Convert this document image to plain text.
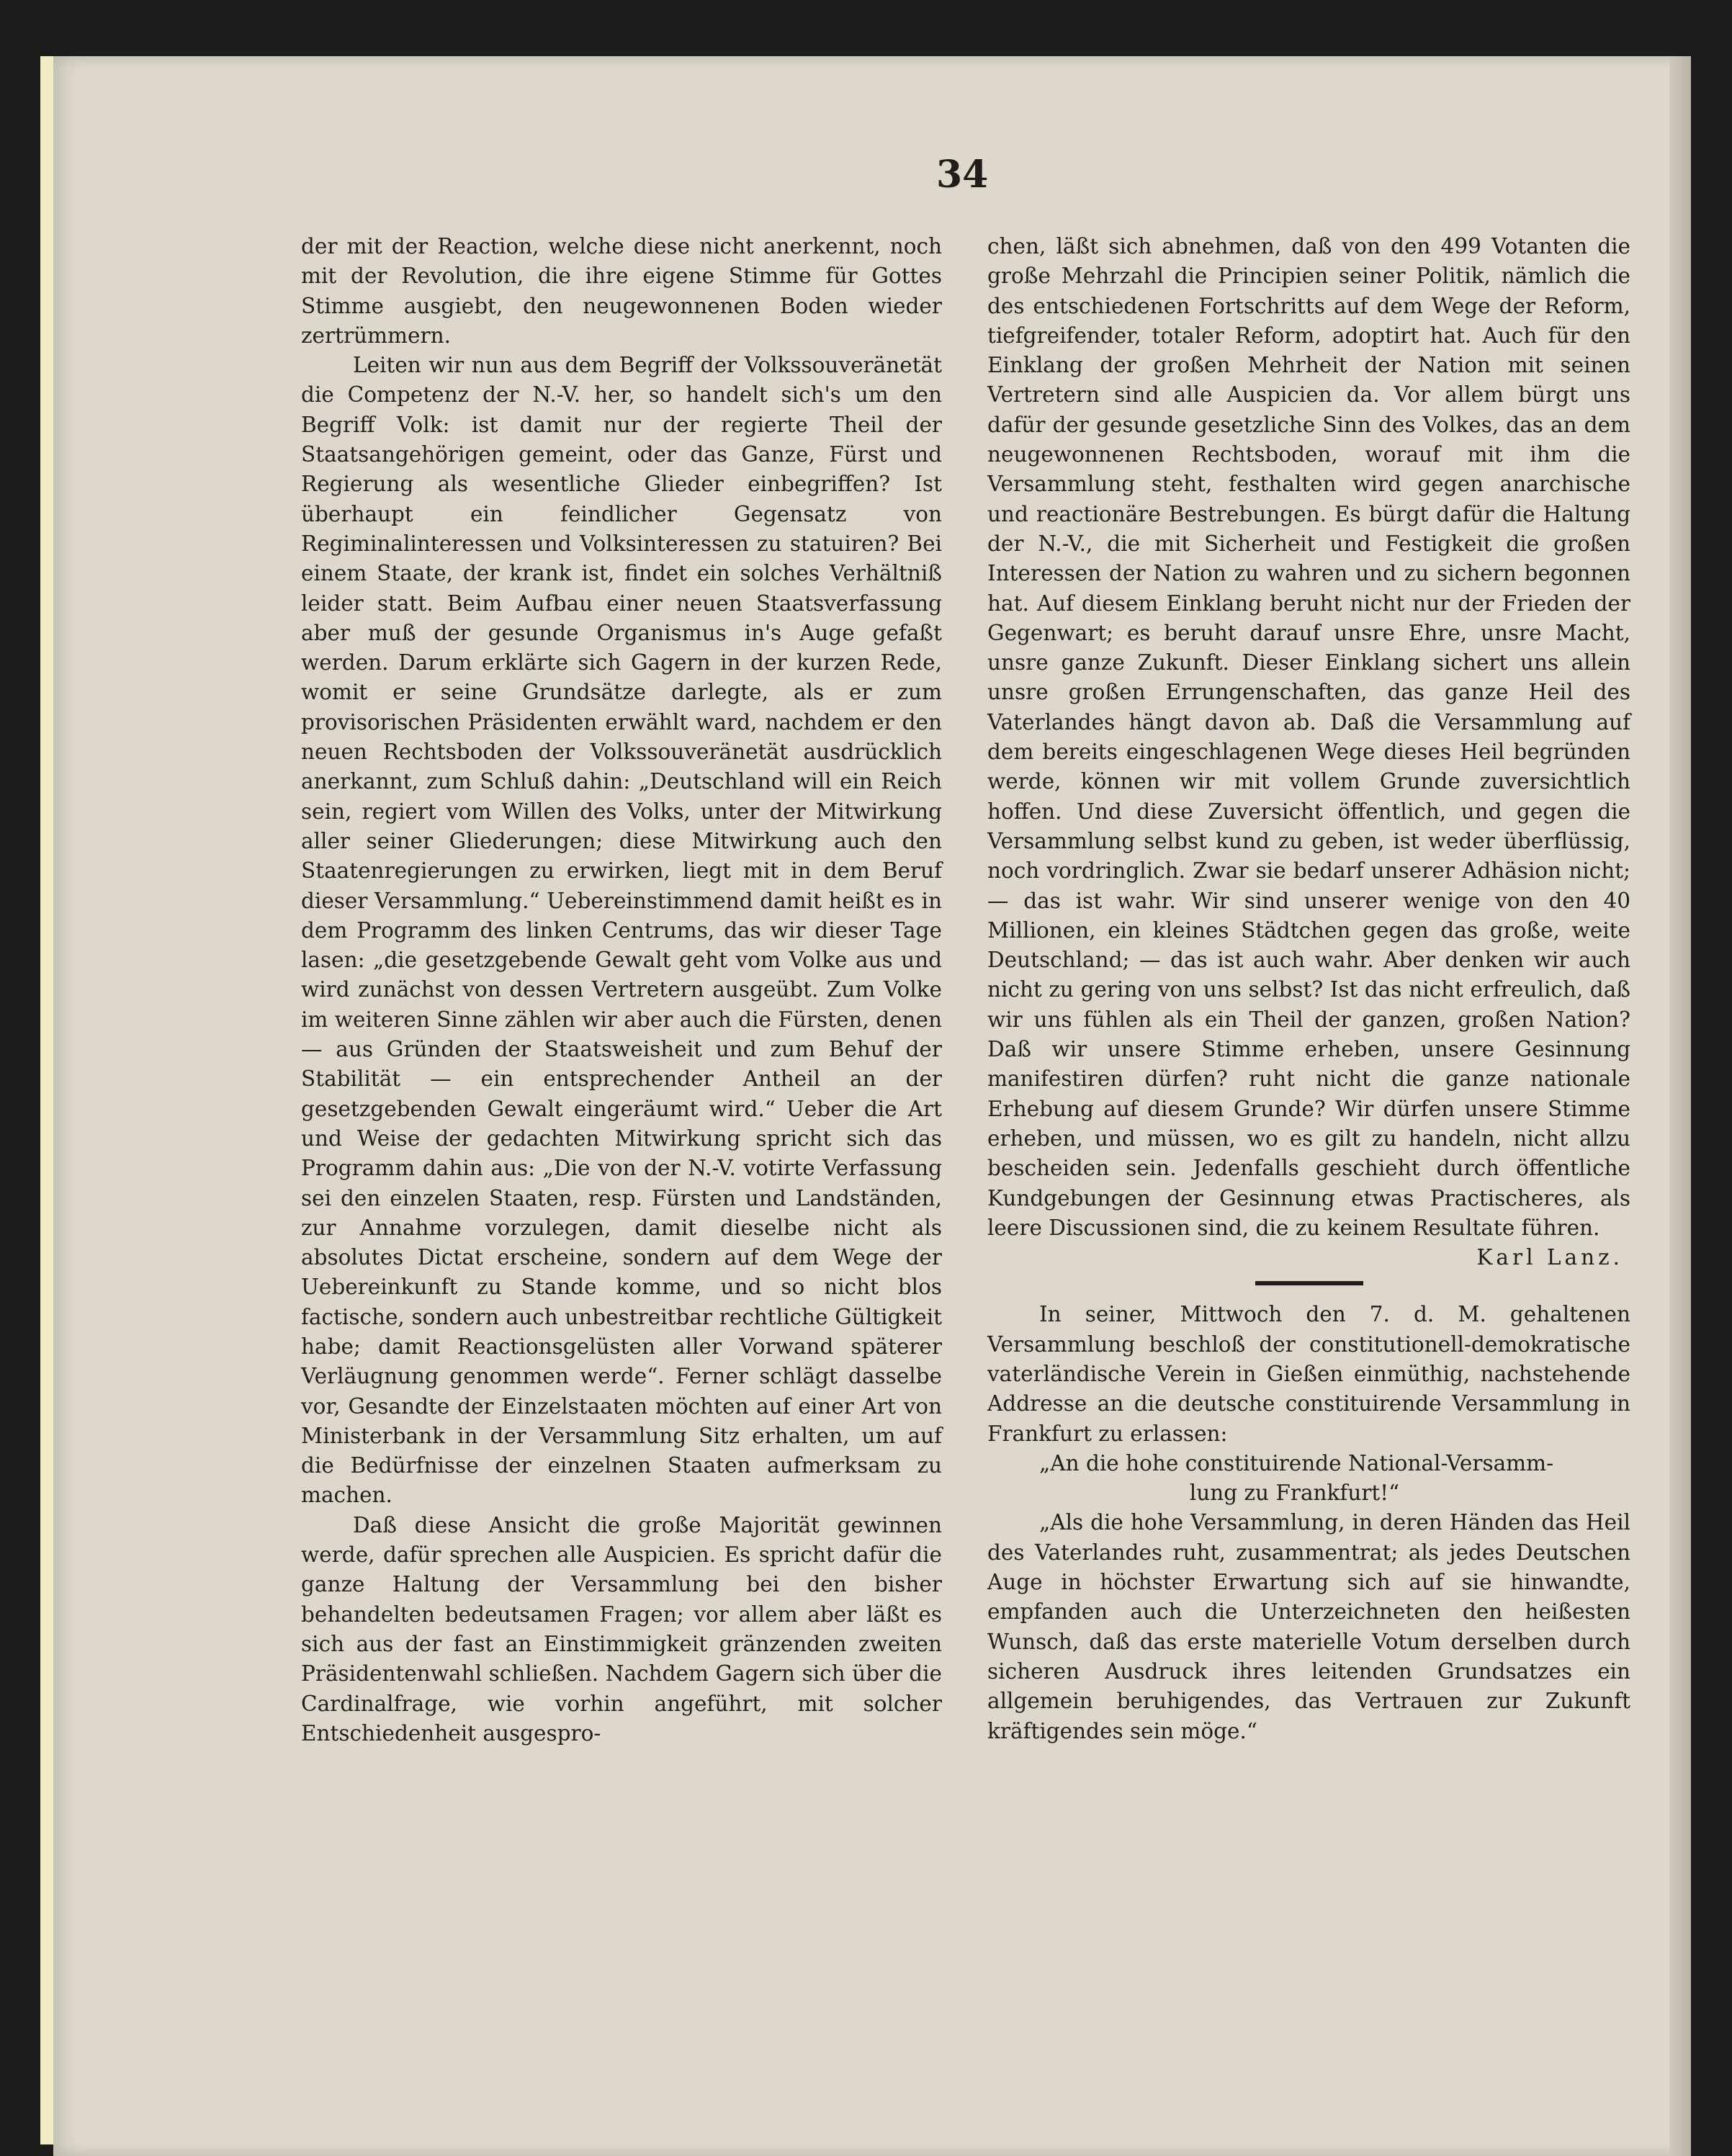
34

der mit der Reaction, welche diese nicht anerkennt, noch mit der Revolution, die ihre eigene Stimme für Gottes Stimme ausgiebt, den neugewonnenen Boden wieder zertrümmern.

Leiten wir nun aus dem Begriff der Volkssouveränetät die Competenz der N.-V. her, so handelt sich's um den Begriff Volk: ist damit nur der regierte Theil der Staatsangehörigen gemeint, oder das Ganze, Fürst und Regierung als wesentliche Glieder einbegriffen? Ist überhaupt ein feindlicher Gegensatz von Regiminalinteressen und Volksinteressen zu statuiren? Bei einem Staate, der krank ist, findet ein solches Verhältniß leider statt. Beim Aufbau einer neuen Staatsverfassung aber muß der gesunde Organismus in's Auge gefaßt werden. Darum erklärte sich Gagern in der kurzen Rede, womit er seine Grundsätze darlegte, als er zum provisorischen Präsidenten erwählt ward, nachdem er den neuen Rechtsboden der Volkssouveränetät ausdrücklich anerkannt, zum Schluß dahin: „Deutschland will ein Reich sein, regiert vom Willen des Volks, unter der Mitwirkung aller seiner Gliederungen; diese Mitwirkung auch den Staatenregierungen zu erwirken, liegt mit in dem Beruf dieser Versammlung.“ Uebereinstimmend damit heißt es in dem Programm des linken Centrums, das wir dieser Tage lasen: „die gesetzgebende Gewalt geht vom Volke aus und wird zunächst von dessen Vertretern ausgeübt. Zum Volke im weiteren Sinne zählen wir aber auch die Fürsten, denen — aus Gründen der Staatsweisheit und zum Behuf der Stabilität — ein entsprechender Antheil an der gesetzgebenden Gewalt eingeräumt wird.“ Ueber die Art und Weise der gedachten Mitwirkung spricht sich das Programm dahin aus: „Die von der N.-V. votirte Verfassung sei den einzelen Staaten, resp. Fürsten und Landständen, zur Annahme vorzulegen, damit dieselbe nicht als absolutes Dictat erscheine, sondern auf dem Wege der Uebereinkunft zu Stande komme, und so nicht blos factische, sondern auch unbestreitbar rechtliche Gültigkeit habe; damit Reactionsgelüsten aller Vorwand späterer Verläugnung genommen werde“. Ferner schlägt dasselbe vor, Gesandte der Einzelstaaten möchten auf einer Art von Ministerbank in der Versammlung Sitz erhalten, um auf die Bedürfnisse der einzelnen Staaten aufmerksam zu machen.

Daß diese Ansicht die große Majorität gewinnen werde, dafür sprechen alle Auspicien. Es spricht dafür die ganze Haltung der Versammlung bei den bisher behandelten bedeutsamen Fragen; vor allem aber läßt es sich aus der fast an Einstimmigkeit gränzenden zweiten Präsidentenwahl schließen. Nachdem Gagern sich über die Cardinalfrage, wie vorhin angeführt, mit solcher Entschiedenheit ausgespro-

chen, läßt sich abnehmen, daß von den 499 Votanten die große Mehrzahl die Principien seiner Politik, nämlich die des entschiedenen Fortschritts auf dem Wege der Reform, tiefgreifender, totaler Reform, adoptirt hat. Auch für den Einklang der großen Mehrheit der Nation mit seinen Vertretern sind alle Auspicien da. Vor allem bürgt uns dafür der gesunde gesetzliche Sinn des Volkes, das an dem neugewonnenen Rechtsboden, worauf mit ihm die Versammlung steht, festhalten wird gegen anarchische und reactionäre Bestrebungen. Es bürgt dafür die Haltung der N.-V., die mit Sicherheit und Festigkeit die großen Interessen der Nation zu wahren und zu sichern begonnen hat. Auf diesem Einklang beruht nicht nur der Frieden der Gegenwart; es beruht darauf unsre Ehre, unsre Macht, unsre ganze Zukunft. Dieser Einklang sichert uns allein unsre großen Errungenschaften, das ganze Heil des Vaterlandes hängt davon ab. Daß die Versammlung auf dem bereits eingeschlagenen Wege dieses Heil begründen werde, können wir mit vollem Grunde zuversichtlich hoffen. Und diese Zuversicht öffentlich, und gegen die Versammlung selbst kund zu geben, ist weder überflüssig, noch vordringlich. Zwar sie bedarf unserer Adhäsion nicht; — das ist wahr. Wir sind unserer wenige von den 40 Millionen, ein kleines Städtchen gegen das große, weite Deutschland; — das ist auch wahr. Aber denken wir auch nicht zu gering von uns selbst? Ist das nicht erfreulich, daß wir uns fühlen als ein Theil der ganzen, großen Nation? Daß wir unsere Stimme erheben, unsere Gesinnung manifestiren dürfen? ruht nicht die ganze nationale Erhebung auf diesem Grunde? Wir dürfen unsere Stimme erheben, und müssen, wo es gilt zu handeln, nicht allzu bescheiden sein. Jedenfalls geschieht durch öffentliche Kundgebungen der Gesinnung etwas Practischeres, als leere Discussionen sind, die zu keinem Resultate führen.

Karl Lanz.

In seiner, Mittwoch den 7. d. M. gehaltenen Versammlung beschloß der constitutionell-demokratische vaterländische Verein in Gießen einmüthig, nachstehende Addresse an die deutsche constituirende Versammlung in Frankfurt zu erlassen:

„An die hohe constituirende National-Versamm-
lung zu Frankfurt!“

„Als die hohe Versammlung, in deren Händen das Heil des Vaterlandes ruht, zusammentrat; als jedes Deutschen Auge in höchster Erwartung sich auf sie hinwandte, empfanden auch die Unterzeichneten den heißesten Wunsch, daß das erste materielle Votum derselben durch sicheren Ausdruck ihres leitenden Grundsatzes ein allgemein beruhigendes, das Vertrauen zur Zukunft kräftigendes sein möge.“
